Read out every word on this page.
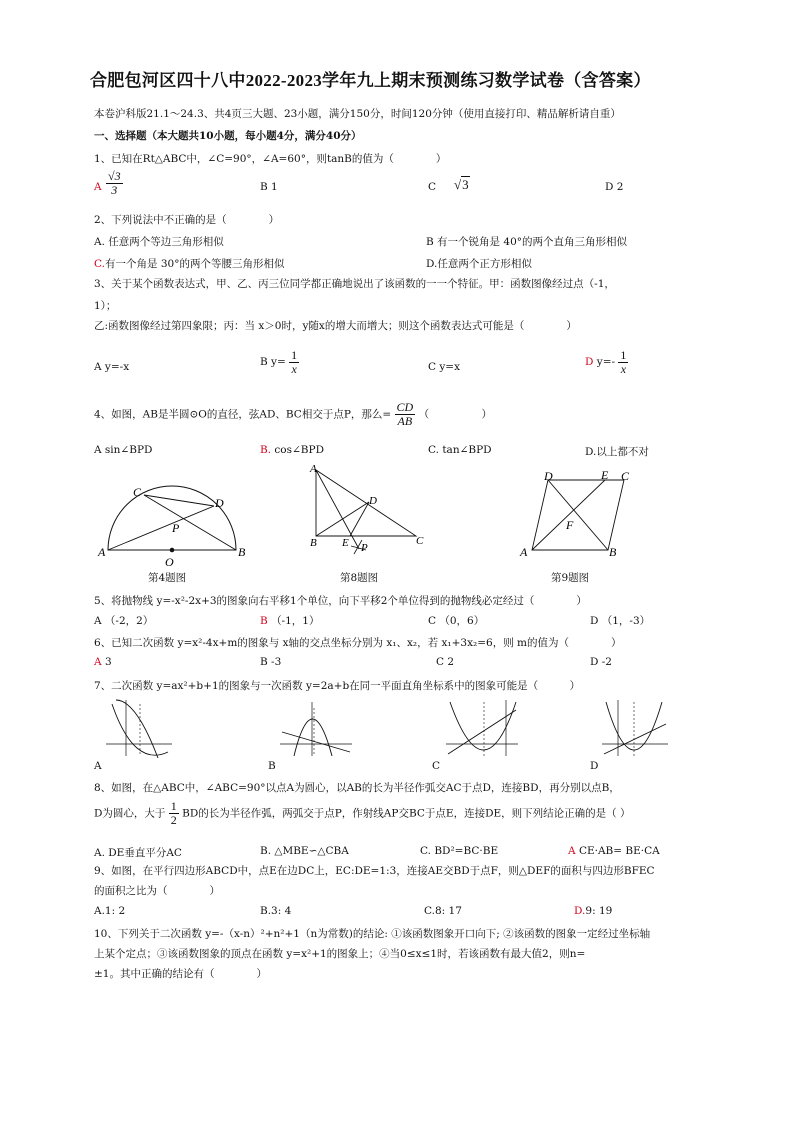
合肥包河区四十八中2022-2023学年九上期末预测练习数学试卷（含答案）
本卷沪科版21.1～24.3、共4页三大题、23小题，满分150分，时间120分钟（使用直接打印、精品解析请自重）
一、选择题（本大题共10小题，每小题4分，满分40分）
1、已知在Rt△ABC中，∠C=90°，∠A=60°，则tanB的值为（　　　　）
A $\frac{√3}{3}$	B 1	C √3	D 2
2、下列说法中不正确的是（　　　　）
A. 任意两个等边三角形相似	B 有一个锐角是 40°的两个直角三角形相似
C.有一个角是 30°的两个等腰三角形相似	D.任意两个正方形相似
3、关于某个函数表达式，甲、乙、丙三位同学都正确地说出了该函数的一一个特征。甲：函数图像经过点（-1，
1）；
乙:函数图像经过第四象限；丙：当 x＞0时，y随x的增大而增大；则这个函数表达式可能是（　　　　）
A y=-x	B $y= \frac{1}{x}$	C y=x	D $y=- \frac{1}{x}$
4、如图，AB是半圆⊙O的直径，弦AD、BC相交于点P，那么= $\frac{CD}{AB}$ （　　　　　）
A sin∠BPD	B. cos∠BPD	C. tan∠BPD	D.以上都不对
C
D
P
A
O
B
第4题图
A
D
B E P
C
第8题图
D	E C
F
A	B
第9题图
5、将抛物线 y=-x²-2x+3的图象向右平移1个单位，向下平移2个单位得到的抛物线必定经过（　　　　）
A （-2，2）	B （-1，1）	C （0，6）	D （1，-3）
6、已知二次函数 y=x²-4x+m的图象与 x轴的交点坐标分别为 x₁、x₂，若 x₁+3x₂=6，则 m的值为（　　　　）
A 3	B -3	C 2	D -2
7、二次函数 y=ax²+b+1的图象与一次函数 y=2a+b在同一平面直角坐标系中的图象可能是（　　　）
A	B	C	D
8、如图，在△ABC中，∠ABC=90°以点A为圆心，以AB的长为半径作弧交AC于点D，连接BD，再分别以点B，
D为圆心，大于 $\frac{1}{2}$ BD的长为半径作弧，两弧交于点P，作射线AP交BC于点E，连接DE，则下列结论正确的是（ ）
A. DE垂直平分AC	B. △MBE∽△CBA	C. BD²=BC·BE	A CE·AB= BE·CA
9、如图，在平行四边形ABCD中，点E在边DC上，EC:DE=1:3，连接AE交BD于点F，则△DEF的面积与四边形BFEC
的面积之比为（　　　　）
A.1: 2	B.3: 4	C.8: 17	D.9: 19
10、下列关于二次函数 y=-（x-n）²+n²+1（n为常数)的结论: ①该函数图象开口向下; ②该函数的图象一定经过坐标轴
上某个定点；③该函数图象的顶点在函数 y=x²+1的图象上；④当0≤x≤1时，若该函数有最大值2，则n=
±1。其中正确的结论有（　　　　）
